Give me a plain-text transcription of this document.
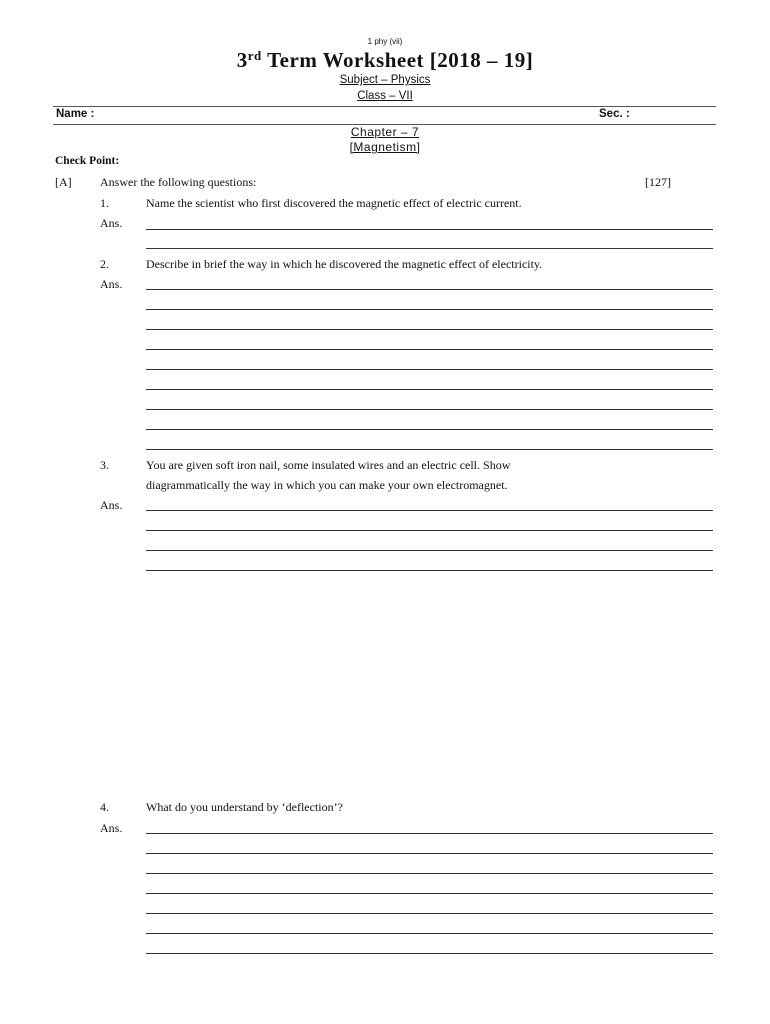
1 phy (vii)
3rd Term Worksheet [2018 – 19]
Subject – Physics
Class – VII
Name :	Sec. :
Chapter – 7
[Magnetism]
Check Point:
[A] Answer the following questions:	[127]
1.	Name the scientist who first discovered the magnetic effect of electric current.
Ans.
2.	Describe in brief the way in which he discovered the magnetic effect of electricity.
Ans.
3.	You are given soft iron nail, some insulated wires and an electric cell. Show
diagrammatically the way in which you can make your own electromagnet.
Ans.
4.	What do you understand by ‘deflection’?
Ans.
